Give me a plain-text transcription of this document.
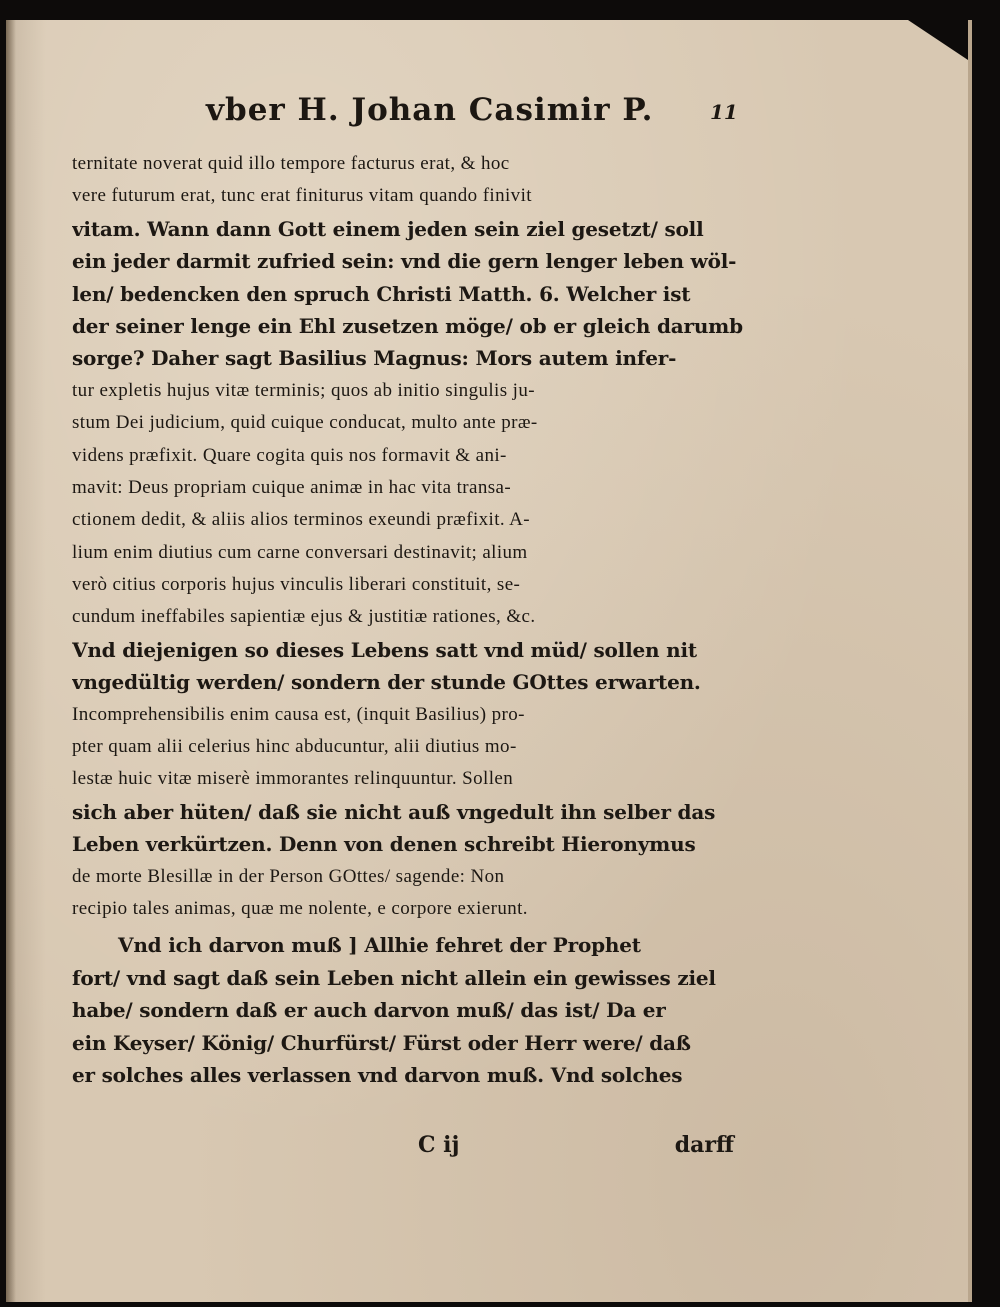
vber H. Johan Casimir P.	11
ternitate noverat quid illo tempore facturus erat, & hoc
vere futurum erat, tunc erat finiturus vitam quando finivit
vitam. Wann dann Gott einem jeden sein ziel gesetzt/ soll
ein jeder darmit zufried sein: vnd die gern lenger leben wöl-
len/ bedencken den spruch Christi Matth. 6. Welcher ist
der seiner lenge ein Ehl zusetzen möge/ ob er gleich darumb
sorge? Daher sagt Basilius Magnus: Mors autem infer-
tur expletis hujus vitæ terminis; quos ab initio singulis ju-
stum Dei judicium, quid cuique conducat, multo ante præ-
videns præfixit. Quare cogita quis nos formavit & ani-
mavit: Deus propriam cuique animæ in hac vita transa-
ctionem dedit, & aliis alios terminos exeundi præfixit. A-
lium enim diutius cum carne conversari destinavit; alium
verò citius corporis hujus vinculis liberari constituit, se-
cundum ineffabiles sapientiæ ejus & justitiæ rationes, &c.
Vnd diejenigen so dieses Lebens satt vnd müd/ sollen nit
vngedültig werden/ sondern der stunde GOttes erwarten.
Incomprehensibilis enim causa est, (inquit Basilius) pro-
pter quam alii celerius hinc abducuntur, alii diutius mo-
lestæ huic vitæ miserè immorantes relinquuntur. Sollen
sich aber hüten/ daß sie nicht auß vngedult ihn selber das
Leben verkürtzen. Denn von denen schreibt Hieronymus
de morte Blesillæ in der Person GOttes/ sagende: Non
recipio tales animas, quæ me nolente, e corpore exierunt.
Vnd ich darvon muß ] Allhie fehret der Prophet
fort/ vnd sagt daß sein Leben nicht allein ein gewisses ziel
habe/ sondern daß er auch darvon muß/ das ist/ Da er
ein Keyser/ König/ Churfürst/ Fürst oder Herr were/ daß
er solches alles verlassen vnd darvon muß. Vnd solches
C ij	darff
